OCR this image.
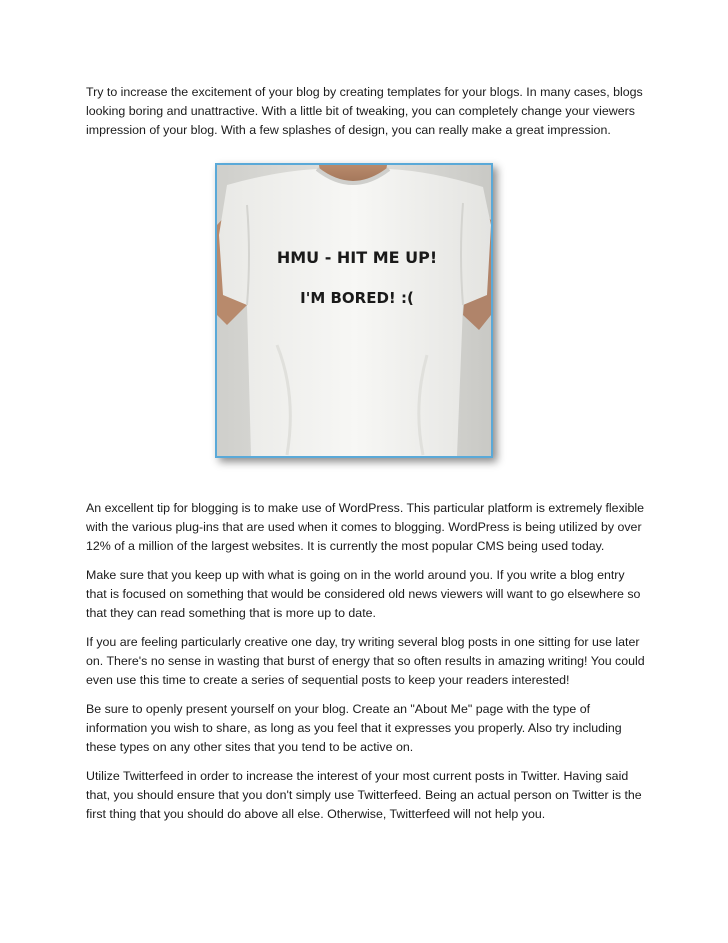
Try to increase the excitement of your blog by creating templates for your blogs. In many cases, blogs looking boring and unattractive. With a little bit of tweaking, you can completely change your viewers impression of your blog. With a few splashes of design, you can really make a great impression.

HMU - HIT ME UP!
I'M BORED! :(

An excellent tip for blogging is to make use of WordPress. This particular platform is extremely flexible with the various plug-ins that are used when it comes to blogging. WordPress is being utilized by over 12% of a million of the largest websites. It is currently the most popular CMS being used today.

Make sure that you keep up with what is going on in the world around you. If you write a blog entry that is focused on something that would be considered old news viewers will want to go elsewhere so that they can read something that is more up to date.

If you are feeling particularly creative one day, try writing several blog posts in one sitting for use later on. There's no sense in wasting that burst of energy that so often results in amazing writing! You could even use this time to create a series of sequential posts to keep your readers interested!

Be sure to openly present yourself on your blog. Create an "About Me" page with the type of information you wish to share, as long as you feel that it expresses you properly. Also try including these types on any other sites that you tend to be active on.

Utilize Twitterfeed in order to increase the interest of your most current posts in Twitter. Having said that, you should ensure that you don't simply use Twitterfeed. Being an actual person on Twitter is the first thing that you should do above all else. Otherwise, Twitterfeed will not help you.
